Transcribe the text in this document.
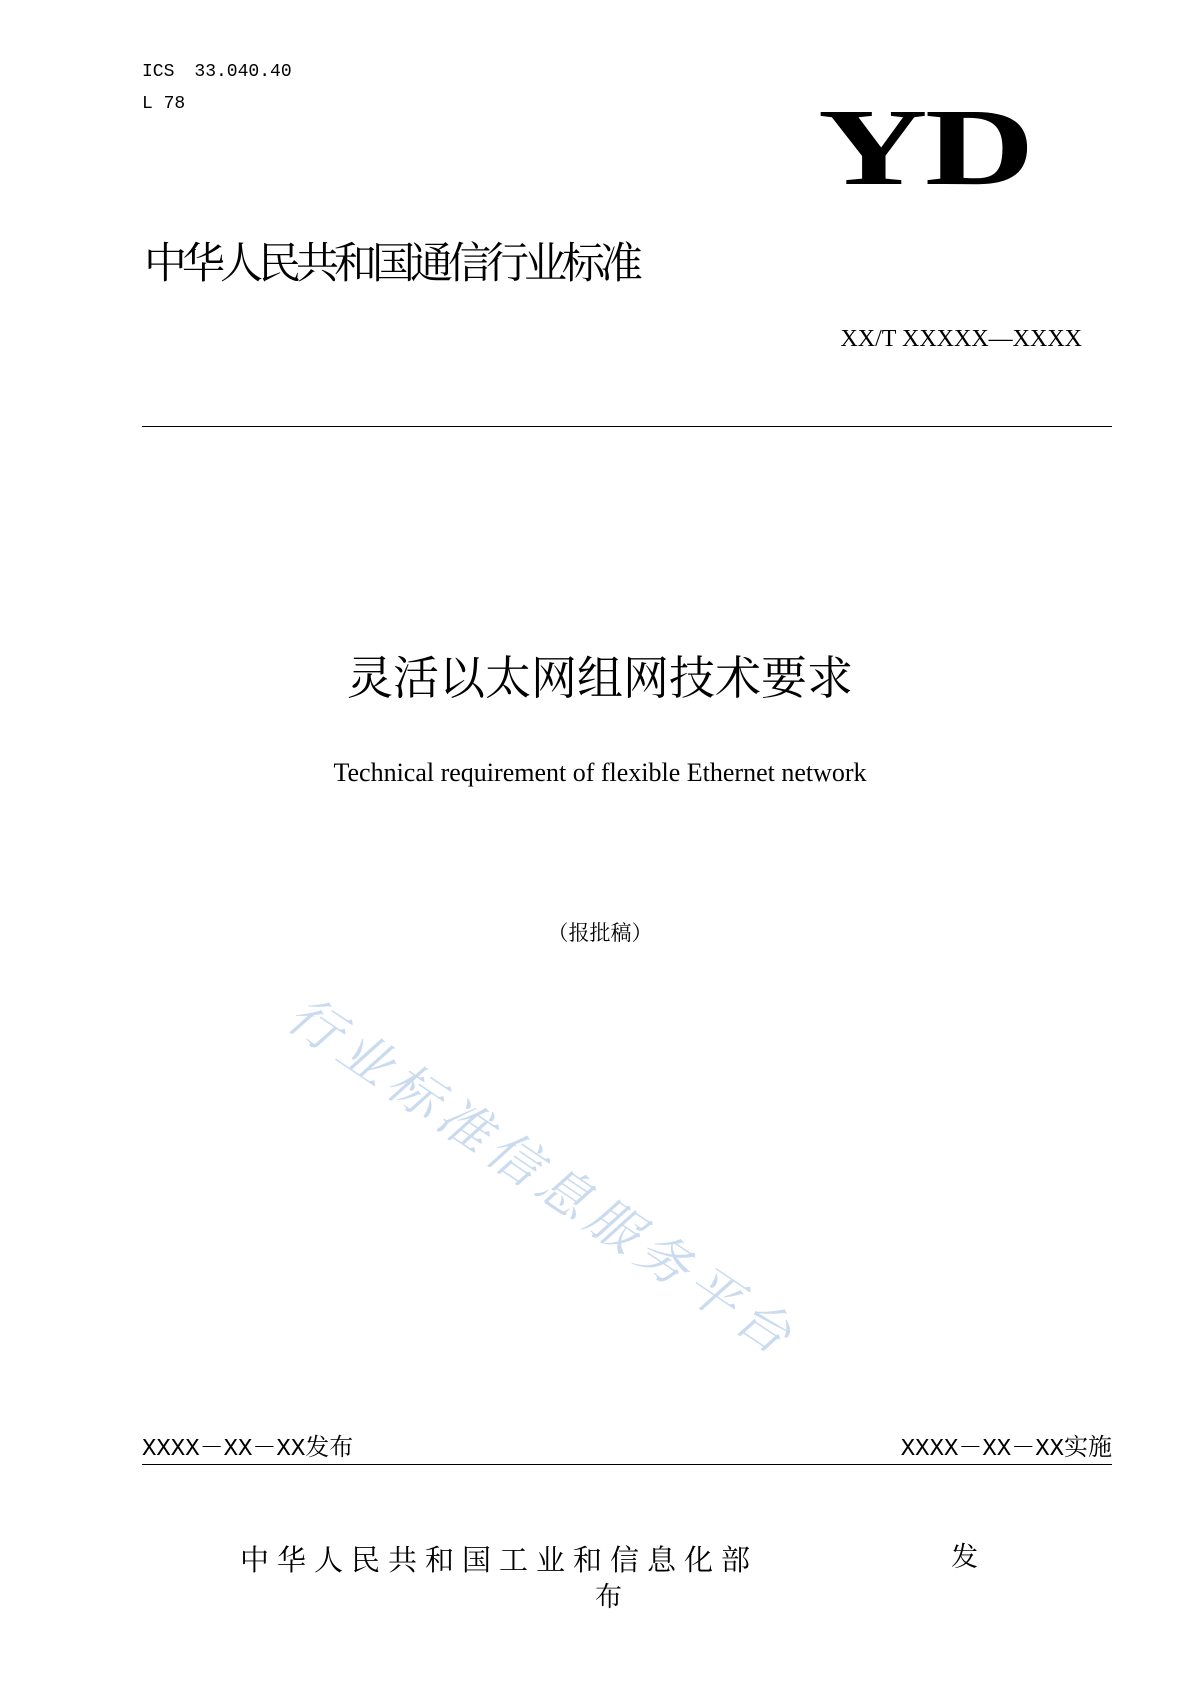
ICS 33.040.40
L 78	YD
中华人民共和国通信行业标准
XX/T XXXXX—XXXX
灵活以太网组网技术要求
Technical requirement of flexible Ethernet network
（报批稿）
行业标准信息服务平台
XXXX－XX－XX发布	XXXX－XX－XX实施
中华人民共和国工业和信息化部	发
布
